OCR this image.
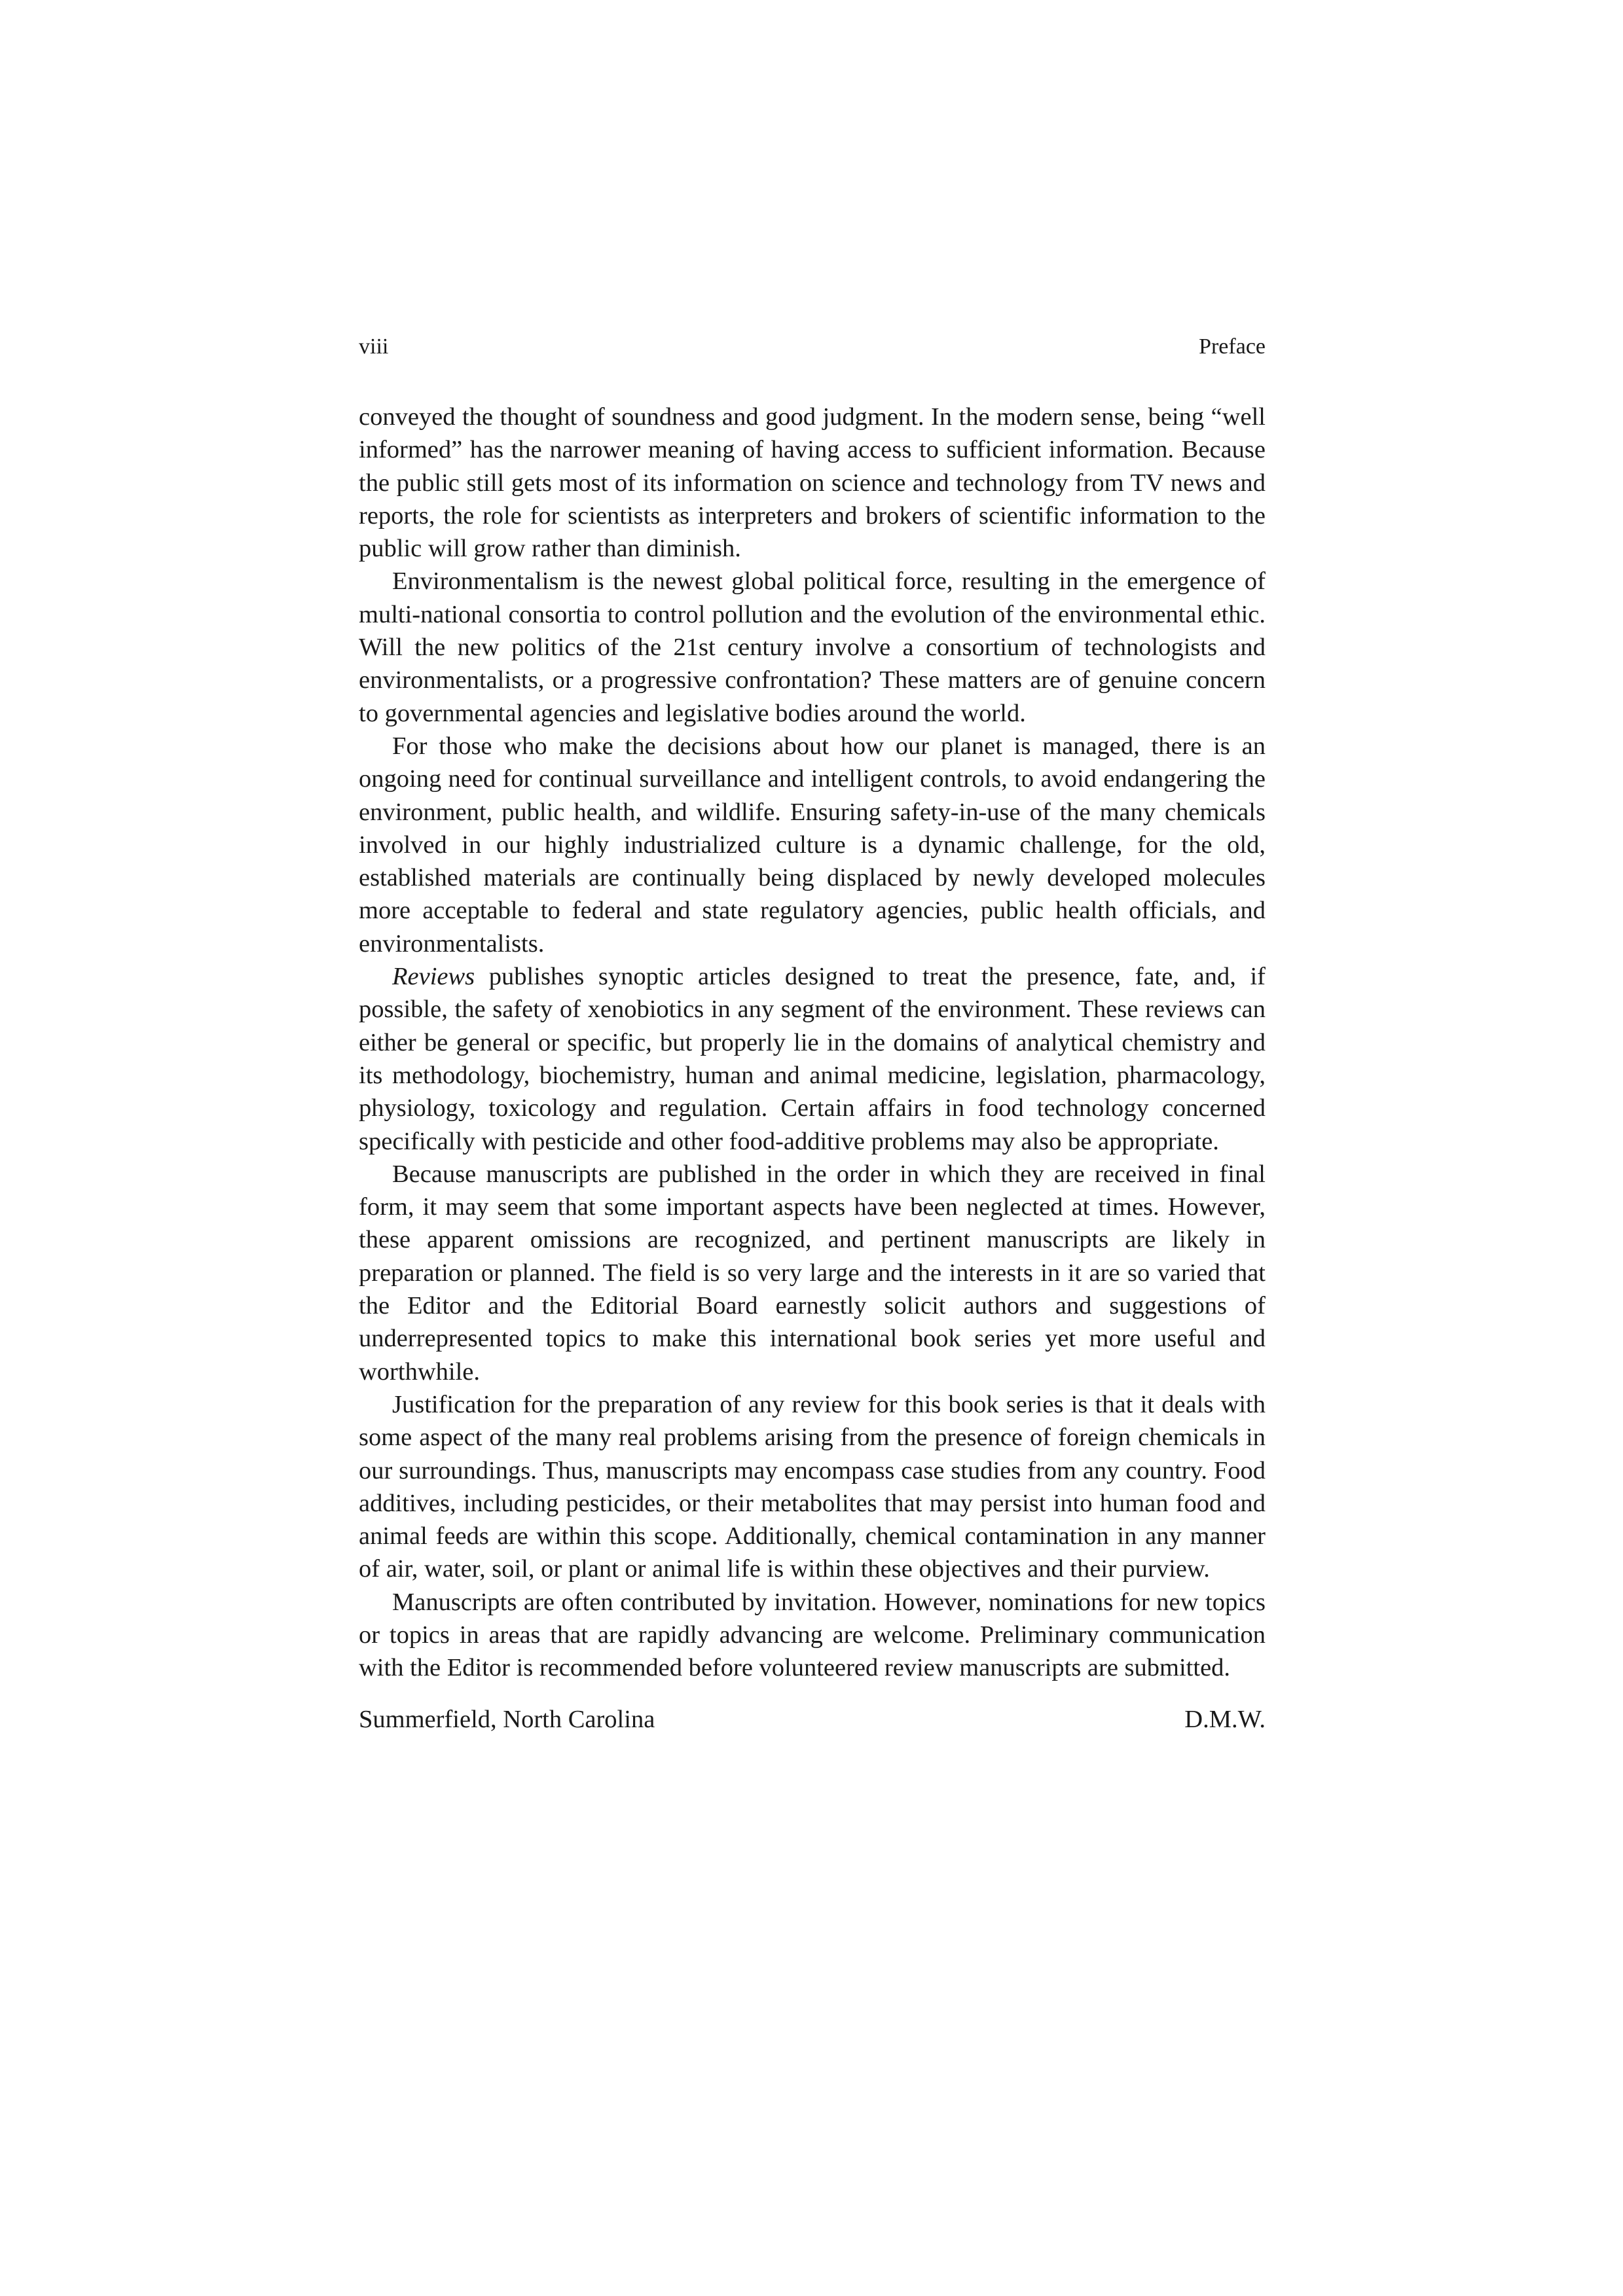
viii	Preface

conveyed the thought of soundness and good judgment. In the modern sense, being “well informed” has the narrower meaning of having access to sufficient information. Because the public still gets most of its information on science and technology from TV news and reports, the role for scientists as interpreters and brokers of scientific information to the public will grow rather than diminish.

Environmentalism is the newest global political force, resulting in the emergence of multi-national consortia to control pollution and the evolution of the environmental ethic. Will the new politics of the 21st century involve a consortium of technologists and environmentalists, or a progressive confrontation? These matters are of genuine concern to governmental agencies and legislative bodies around the world.

For those who make the decisions about how our planet is managed, there is an ongoing need for continual surveillance and intelligent controls, to avoid endangering the environment, public health, and wildlife. Ensuring safety-in-use of the many chemicals involved in our highly industrialized culture is a dynamic challenge, for the old, established materials are continually being displaced by newly developed molecules more acceptable to federal and state regulatory agencies, public health officials, and environmentalists.

Reviews publishes synoptic articles designed to treat the presence, fate, and, if possible, the safety of xenobiotics in any segment of the environment. These reviews can either be general or specific, but properly lie in the domains of analytical chemistry and its methodology, biochemistry, human and animal medicine, legislation, pharmacology, physiology, toxicology and regulation. Certain affairs in food technology concerned specifically with pesticide and other food-additive problems may also be appropriate.

Because manuscripts are published in the order in which they are received in final form, it may seem that some important aspects have been neglected at times. However, these apparent omissions are recognized, and pertinent manuscripts are likely in preparation or planned. The field is so very large and the interests in it are so varied that the Editor and the Editorial Board earnestly solicit authors and suggestions of underrepresented topics to make this international book series yet more useful and worthwhile.

Justification for the preparation of any review for this book series is that it deals with some aspect of the many real problems arising from the presence of foreign chemicals in our surroundings. Thus, manuscripts may encompass case studies from any country. Food additives, including pesticides, or their metabolites that may persist into human food and animal feeds are within this scope. Additionally, chemical contamination in any manner of air, water, soil, or plant or animal life is within these objectives and their purview.

Manuscripts are often contributed by invitation. However, nominations for new topics or topics in areas that are rapidly advancing are welcome. Preliminary communication with the Editor is recommended before volunteered review manuscripts are submitted.

Summerfield, North Carolina	D.M.W.
